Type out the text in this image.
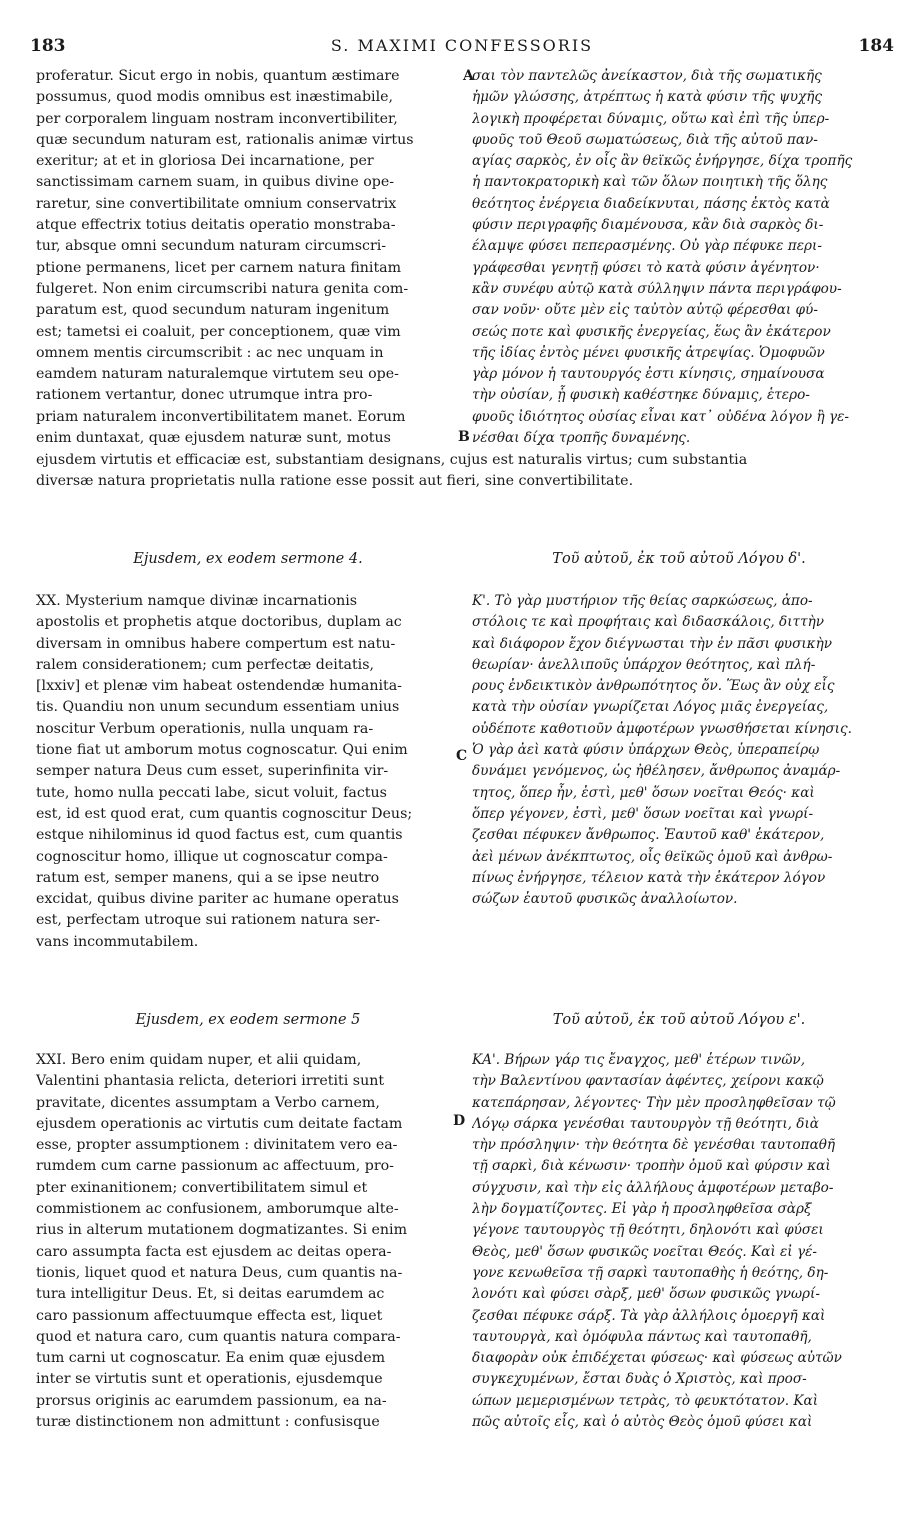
183	S. MAXIMI CONFESSORIS	184
A
B
C
D
proferatur. Sicut ergo in nobis, quantum æstimare
possumus, quod modis omnibus est inæstimabile,
per corporalem linguam nostram inconvertibiliter,
quæ secundum naturam est, rationalis animæ virtus
exeritur; at et in gloriosa Dei incarnatione, per
sanctissimam carnem suam, in quibus divine ope-
raretur, sine convertibilitate omnium conservatrix
atque effectrix totius deitatis operatio monstraba-
tur, absque omni secundum naturam circumscri-
ptione permanens, licet per carnem natura finitam
fulgeret. Non enim circumscribi natura genita com-
paratum est, quod secundum naturam ingenitum
est; tametsi ei coaluit, per conceptionem, quæ vim
omnem mentis circumscribit : ac nec unquam in
eamdem naturam naturalemque virtutem seu ope-
rationem vertantur, donec utrumque intra pro-
priam naturalem inconvertibilitatem manet. Eorum
enim duntaxat, quæ ejusdem naturæ sunt, motus
σαι τὸν παντελῶς ἀνείκαστον, διὰ τῆς σωματικῆς
ἡμῶν γλώσσης, ἀτρέπτως ἡ κατὰ φύσιν τῆς ψυχῆς
λογικὴ προφέρεται δύναμις, οὕτω καὶ ἐπὶ τῆς ὑπερ-
φυοῦς τοῦ Θεοῦ σωματώσεως, διὰ τῆς αὐτοῦ παν-
αγίας σαρκὸς, ἐν οἷς ἂν θεϊκῶς ἐνήργησε, δίχα τροπῆς
ἡ παντοκρατορικὴ καὶ τῶν ὅλων ποιητικὴ τῆς ὅλης
θεότητος ἐνέργεια διαδείκνυται, πάσης ἐκτὸς κατὰ
φύσιν περιγραφῆς διαμένουσα, κἂν διὰ σαρκὸς δι-
έλαμψε φύσει πεπερασμένης. Οὐ γὰρ πέφυκε περι-
γράφεσθαι γενητῇ φύσει τὸ κατὰ φύσιν ἀγένητον·
κἂν συνέφυ αὐτῷ κατὰ σύλληψιν πάντα περιγράφου-
σαν νοῦν· οὔτε μὲν εἰς ταὐτὸν αὐτῷ φέρεσθαι φύ-
σεώς ποτε καὶ φυσικῆς ἐνεργείας, ἕως ἂν ἑκάτερον
τῆς ἰδίας ἐντὸς μένει φυσικῆς ἀτρεψίας. Ὁμοφυῶν
γὰρ μόνον ἡ ταυτουργός ἐστι κίνησις, σημαίνουσα
τὴν οὐσίαν, ᾗ φυσικὴ καθέστηκε δύναμις, ἑτερο-
φυοῦς ἰδιότητος οὐσίας εἶναι κατ᾽ οὐδένα λόγον ἢ γε-
νέσθαι δίχα τροπῆς δυναμένης.
ejusdem virtutis et efficaciæ est, substantiam designans, cujus est naturalis virtus; cum substantia
diversæ natura proprietatis nulla ratione esse possit aut fieri, sine convertibilitate.
Ejusdem, ex eodem sermone 4.	Τοῦ αὐτοῦ, ἐκ τοῦ αὐτοῦ Λόγου δ'.
XX. Mysterium namque divinæ incarnationis
apostolis et prophetis atque doctoribus, duplam ac
diversam in omnibus habere compertum est natu-
ralem considerationem; cum perfectæ deitatis,
[lxxiv] et plenæ vim habeat ostendendæ humanita-
tis. Quandiu non unum secundum essentiam unius
noscitur Verbum operationis, nulla unquam ra-
tione fiat ut amborum motus cognoscatur. Qui enim
semper natura Deus cum esset, superinfinita vir-
tute, homo nulla peccati labe, sicut voluit, factus
est, id est quod erat, cum quantis cognoscitur Deus;
estque nihilominus id quod factus est, cum quantis
cognoscitur homo, illique ut cognoscatur compa-
ratum est, semper manens, qui a se ipse neutro
excidat, quibus divine pariter ac humane operatus
est, perfectam utroque sui rationem natura ser-
vans incommutabilem.
Κ'. Τὸ γὰρ μυστήριον τῆς θείας σαρκώσεως, ἀπο-
στόλοις τε καὶ προφήταις καὶ διδασκάλοις, διττὴν
καὶ διάφορον ἔχον διέγνωσται τὴν ἐν πᾶσι φυσικὴν
θεωρίαν· ἀνελλιποῦς ὑπάρχον θεότητος, καὶ πλή-
ρους ἐνδεικτικὸν ἀνθρωπότητος ὄν. Ἕως ἂν οὐχ εἷς
κατὰ τὴν οὐσίαν γνωρίζεται Λόγος μιᾶς ἐνεργείας,
οὐδέποτε καθοτιοῦν ἀμφοτέρων γνωσθήσεται κίνησις.
Ὁ γὰρ ἀεὶ κατὰ φύσιν ὑπάρχων Θεὸς, ὑπεραπείρῳ
δυνάμει γενόμενος, ὡς ἠθέλησεν, ἄνθρωπος ἀναμάρ-
τητος, ὅπερ ἦν, ἐστὶ, μεθ' ὅσων νοεῖται Θεός· καὶ
ὅπερ γέγονεν, ἐστὶ, μεθ' ὅσων νοεῖται καὶ γνωρί-
ζεσθαι πέφυκεν ἄνθρωπος. Ἑαυτοῦ καθ' ἑκάτερον,
ἀεὶ μένων ἀνέκπτωτος, οἷς θεϊκῶς ὁμοῦ καὶ ἀνθρω-
πίνως ἐνήργησε, τέλειον κατὰ τὴν ἑκάτερον λόγον
σώζων ἑαυτοῦ φυσικῶς ἀναλλοίωτον.
Ejusdem, ex eodem sermone 5	Τοῦ αὐτοῦ, ἐκ τοῦ αὐτοῦ Λόγου ε'.
XXI. Bero enim quidam nuper, et alii quidam,
Valentini phantasia relicta, deteriori irretiti sunt
pravitate, dicentes assumptam a Verbo carnem,
ejusdem operationis ac virtutis cum deitate factam
esse, propter assumptionem : divinitatem vero ea-
rumdem cum carne passionum ac affectuum, pro-
pter exinanitionem; convertibilitatem simul et
commistionem ac confusionem, amborumque alte-
rius in alterum mutationem dogmatizantes. Si enim
caro assumpta facta est ejusdem ac deitas opera-
tionis, liquet quod et natura Deus, cum quantis na-
tura intelligitur Deus. Et, si deitas earumdem ac
caro passionum affectuumque effecta est, liquet
quod et natura caro, cum quantis natura compara-
tum carni ut cognoscatur. Ea enim quæ ejusdem
inter se virtutis sunt et operationis, ejusdemque
prorsus originis ac earumdem passionum, ea na-
turæ distinctionem non admittunt : confusisque
ΚΑ'. Βήρων γάρ τις ἔναγχος, μεθ' ἑτέρων τινῶν,
τὴν Βαλεντίνου φαντασίαν ἀφέντες, χείρονι κακῷ
κατεπάρησαν, λέγοντες· Τὴν μὲν προσληφθεῖσαν τῷ
Λόγῳ σάρκα γενέσθαι ταυτουργὸν τῇ θεότητι, διὰ
τὴν πρόσληψιν· τὴν θεότητα δὲ γενέσθαι ταυτοπαθῆ
τῇ σαρκὶ, διὰ κένωσιν· τροπὴν ὁμοῦ καὶ φύρσιν καὶ
σύγχυσιν, καὶ τὴν εἰς ἀλλήλους ἀμφοτέρων μεταβο-
λὴν δογματίζοντες. Εἰ γὰρ ἡ προσληφθεῖσα σὰρξ
γέγονε ταυτουργὸς τῇ θεότητι, δηλονότι καὶ φύσει
Θεὸς, μεθ' ὅσων φυσικῶς νοεῖται Θεός. Καὶ εἰ γέ-
γονε κενωθεῖσα τῇ σαρκὶ ταυτοπαθὴς ἡ θεότης, δη-
λονότι καὶ φύσει σὰρξ, μεθ' ὅσων φυσικῶς γνωρί-
ζεσθαι πέφυκε σάρξ. Τὰ γὰρ ἀλλήλοις ὁμοεργῆ καὶ
ταυτουργὰ, καὶ ὁμόφυλα πάντως καὶ ταυτοπαθῆ,
διαφορὰν οὐκ ἐπιδέχεται φύσεως· καὶ φύσεως αὐτῶν
συγκεχυμένων, ἔσται δυὰς ὁ Χριστὸς, καὶ προσ-
ώπων μεμερισμένων τετρὰς, τὸ φευκτότατον. Καὶ
πῶς αὐτοῖς εἷς, καὶ ὁ αὐτὸς Θεὸς ὁμοῦ φύσει καὶ
